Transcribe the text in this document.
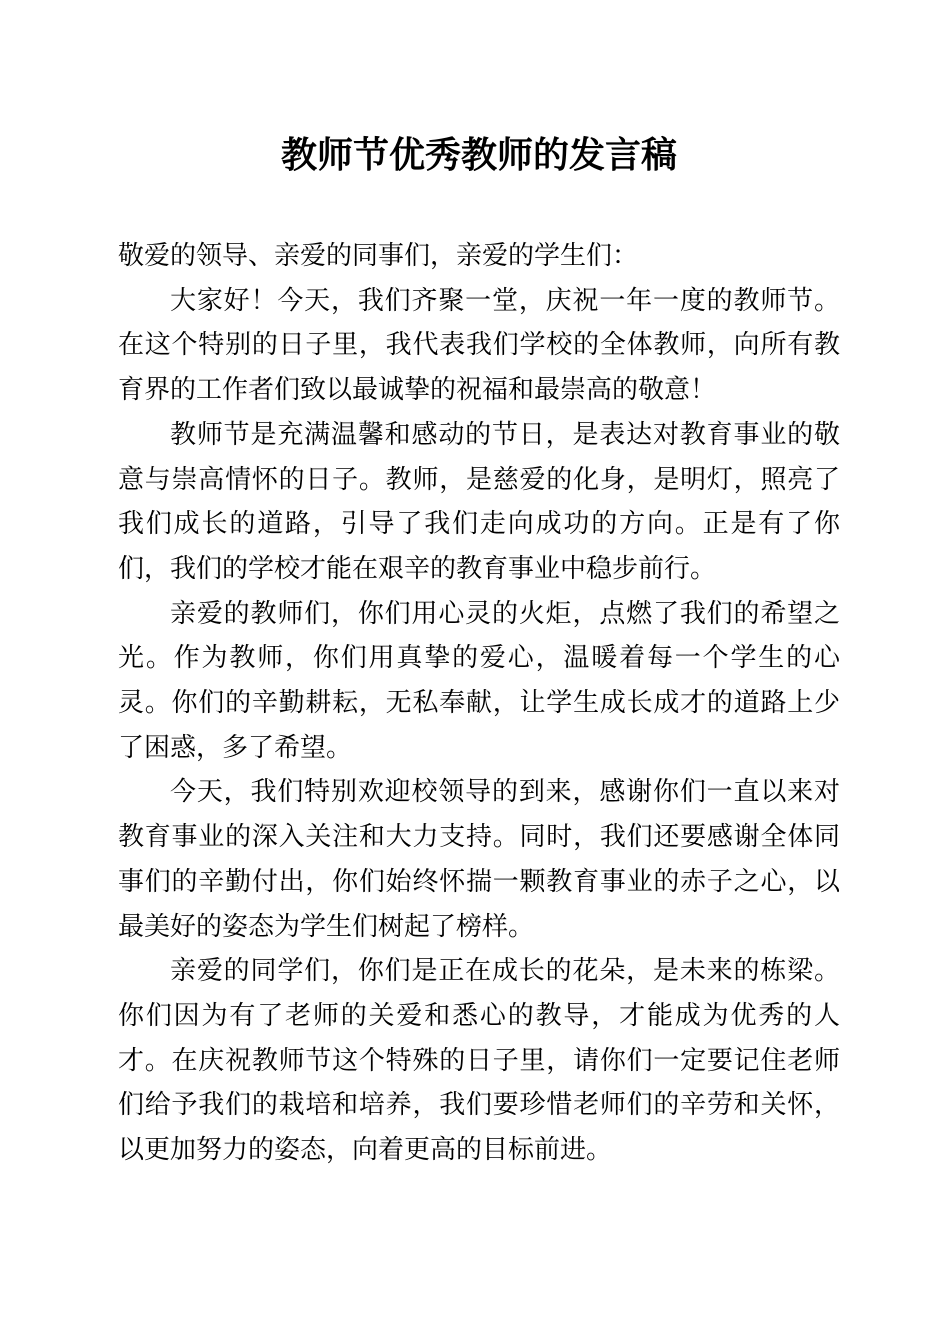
教师节优秀教师的发言稿

敬爱的领导、亲爱的同事们，亲爱的学生们：

大家好！今天，我们齐聚一堂，庆祝一年一度的教师节。在这个特别的日子里，我代表我们学校的全体教师，向所有教育界的工作者们致以最诚挚的祝福和最崇高的敬意！

教师节是充满温馨和感动的节日，是表达对教育事业的敬意与崇高情怀的日子。教师，是慈爱的化身，是明灯，照亮了我们成长的道路，引导了我们走向成功的方向。正是有了你们，我们的学校才能在艰辛的教育事业中稳步前行。

亲爱的教师们，你们用心灵的火炬，点燃了我们的希望之光。作为教师，你们用真挚的爱心，温暖着每一个学生的心灵。你们的辛勤耕耘，无私奉献，让学生成长成才的道路上少了困惑，多了希望。

今天，我们特别欢迎校领导的到来，感谢你们一直以来对教育事业的深入关注和大力支持。同时，我们还要感谢全体同事们的辛勤付出，你们始终怀揣一颗教育事业的赤子之心，以最美好的姿态为学生们树起了榜样。

亲爱的同学们，你们是正在成长的花朵，是未来的栋梁。你们因为有了老师的关爱和悉心的教导，才能成为优秀的人才。在庆祝教师节这个特殊的日子里，请你们一定要记住老师们给予我们的栽培和培养，我们要珍惜老师们的辛劳和关怀，以更加努力的姿态，向着更高的目标前进。
